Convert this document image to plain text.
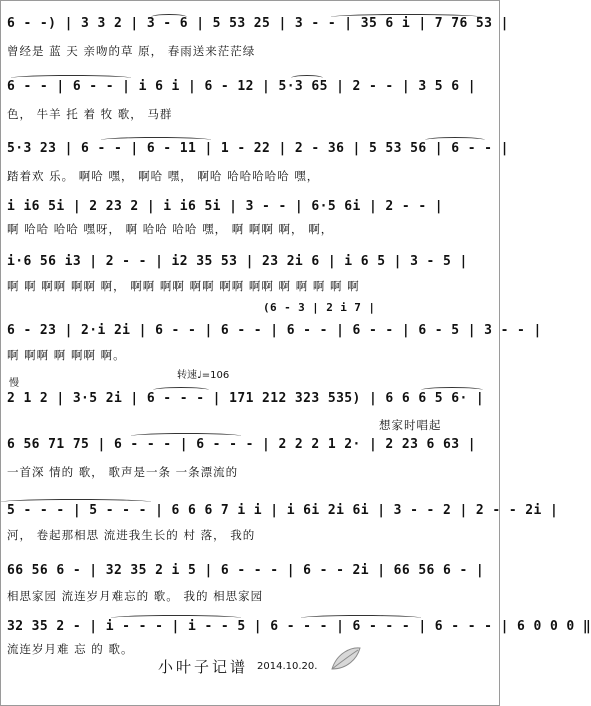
6 - -) | 3 3 2 | 3 - 6 | 5 53 25 | 3 - - | 35 6 i | 7 76 53 |
曾经是 蓝 天 亲吻的草 原， 春雨送来茫茫绿
6 - - | 6 - - | i 6 i | 6 - 12 | 5·3 65 | 2 - - | 3 5 6 |
色， 牛羊 托 着 牧 歌， 马群
5·3 23 | 6 - - | 6 - 11 | 1 - 22 | 2 - 36 | 5 53 56 | 6 - - |
踏着欢 乐。 啊哈 嘿， 啊哈 嘿， 啊哈 哈哈哈哈哈 嘿，
i i6 5i | 2 23 2 | i i6 5i | 3 - - | 6·5 6i | 2 - - |
啊 哈哈 哈哈 嘿呀， 啊 哈哈 哈哈 嘿， 啊 啊啊 啊， 啊，
i·6 56 i3 | 2 - - | i2 35 53 | 23 2i 6 | i 6 5 | 3 - 5 |
啊 啊 啊啊 啊啊 啊， 啊啊 啊啊 啊啊 啊啊 啊啊 啊 啊 啊 啊 啊
(6 - 3 | 2 i 7 |
6 - 23 | 2·i 2i | 6 - - | 6 - - | 6 - - | 6 - - | 6 - 5 | 3 - - |
啊 啊啊 啊 啊啊 啊。
慢
转速♩=106
2 1 2 | 3·5 2i | 6 - - - | 171 212 323 535) | 6 6 6 5 6· |
想家时唱起
6 56 71 75 | 6 - - - | 6 - - - | 2 2 2 1 2· | 2 23 6 63 |
一首深 情的 歌， 歌声是一条 一条漂流的
5 - - - | 5 - - - | 6 6 6 7 i i | i 6i 2i 6i | 3 - - 2 | 2 - - 2i |
河， 卷起那相思 流进我生长的 村 落， 我的
66 56 6 - | 32 35 2 i 5 | 6 - - - | 6 - - 2i | 66 56 6 - |
相思家园 流连岁月难忘的 歌。 我的 相思家园
32 35 2 - | i - - - | i - - 5 | 6 - - - | 6 - - - | 6 - - - | 6 0 0 0 ‖
流连岁月难 忘 的 歌。
小叶子记谱 2014.10.20.
